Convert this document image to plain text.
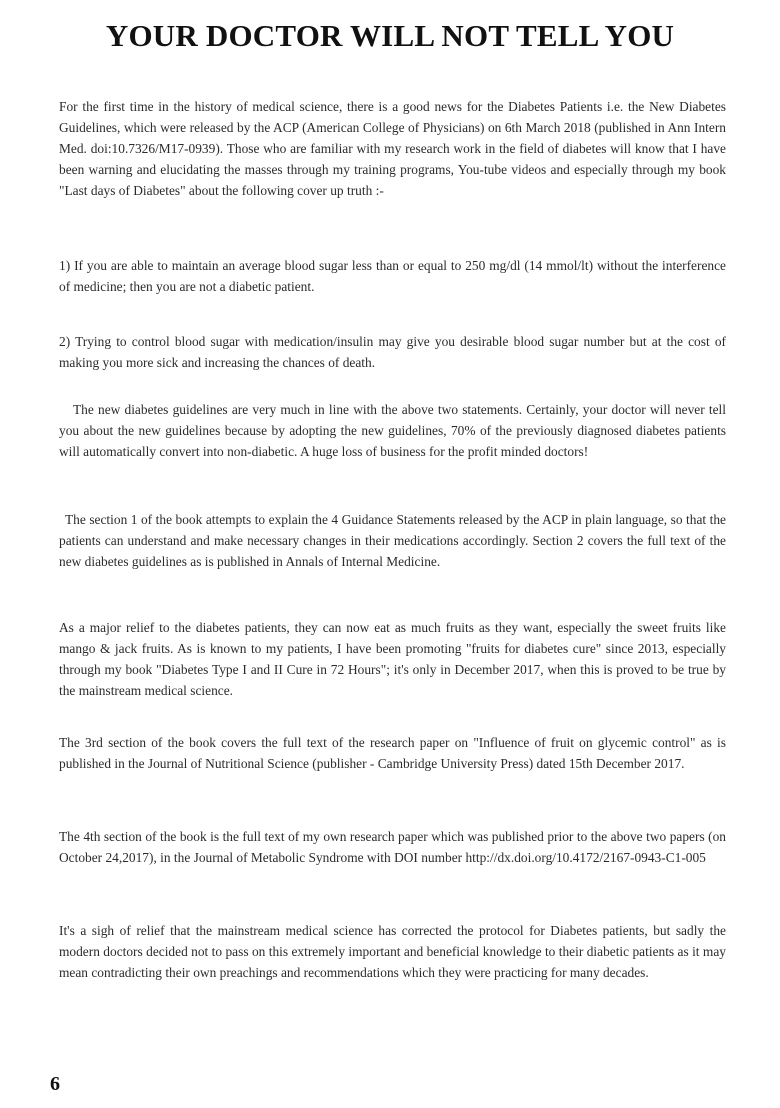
YOUR DOCTOR WILL NOT TELL YOU

For the first time in the history of medical science, there is a good news for the Diabetes Patients i.e. the New Diabetes Guidelines, which were released by the ACP (American College of Physicians) on 6th March 2018 (published in Ann Intern Med. doi:10.7326/M17-0939). Those who are familiar with my research work in the field of diabetes will know that I have been warning and elucidating the masses through my training programs, You-tube videos and especially through my book "Last days of Diabetes" about the following cover up truth :-

1) If you are able to maintain an average blood sugar less than or equal to 250 mg/dl (14 mmol/lt) without the interference of medicine; then you are not a diabetic patient.

2) Trying to control blood sugar with medication/insulin may give you desirable blood sugar number but at the cost of making you more sick and increasing the chances of death.

The new diabetes guidelines are very much in line with the above two statements. Certainly, your doctor will never tell you about the new guidelines because by adopting the new guidelines, 70% of the previously diagnosed diabetes patients will automatically convert into non-diabetic. A huge loss of business for the profit minded doctors!

The section 1 of the book attempts to explain the 4 Guidance Statements released by the ACP in plain language, so that the patients can understand and make necessary changes in their medications accordingly. Section 2 covers the full text of the new diabetes guidelines as is published in Annals of Internal Medicine.

As a major relief to the diabetes patients, they can now eat as much fruits as they want, especially the sweet fruits like mango & jack fruits. As is known to my patients, I have been promoting "fruits for diabetes cure" since 2013, especially through my book "Diabetes Type I and II Cure in 72 Hours"; it's only in December 2017, when this is proved to be true by the mainstream medical science.

The 3rd section of the book covers the full text of the research paper on "Influence of fruit on glycemic control" as is published in the Journal of Nutritional Science (publisher - Cambridge University Press) dated 15th December 2017.

The 4th section of the book is the full text of my own research paper which was published prior to the above two papers (on October 24,2017), in the Journal of Metabolic Syndrome with DOI number http://dx.doi.org/10.4172/2167-0943-C1-005

It's a sigh of relief that the mainstream medical science has corrected the protocol for Diabetes patients, but sadly the modern doctors decided not to pass on this extremely important and beneficial knowledge to their diabetic patients as it may mean contradicting their own preachings and recommendations which they were practicing for many decades.

6
